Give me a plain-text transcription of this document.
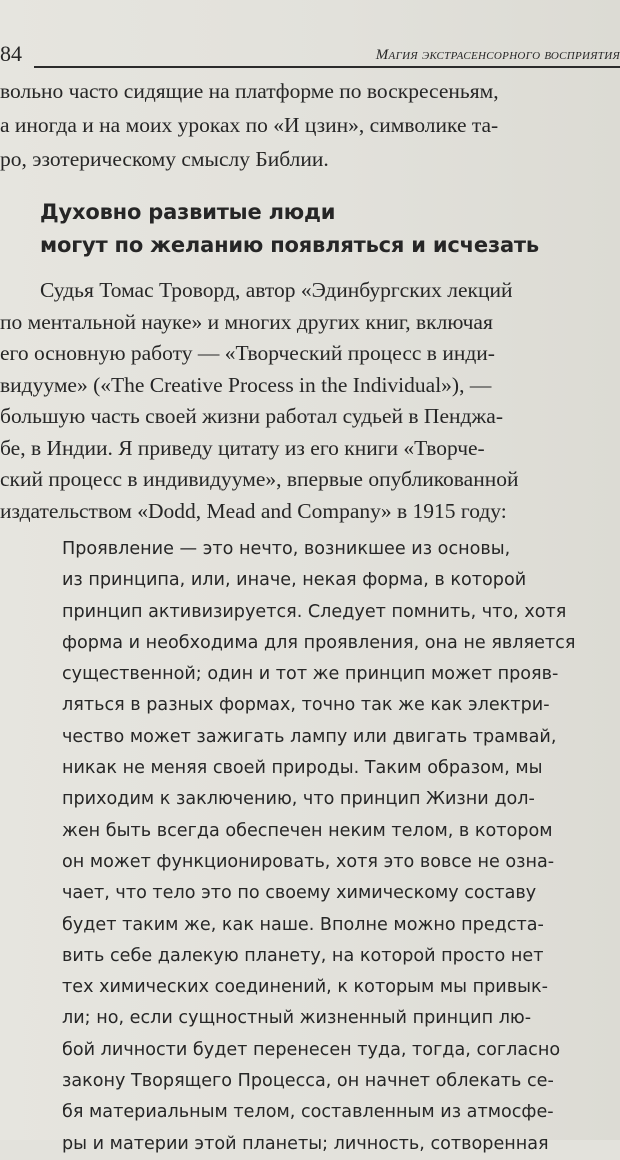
84	Магия экстрасенсорного восприятия

вольно часто сидящие на платформе по воскресеньям,
а иногда и на моих уроках по «И цзин», символике та-
ро, эзотерическому смыслу Библии.

Духовно развитые люди
могут по желанию появляться и исчезать

Судья Томас Троворд, автор «Эдинбургских лекций
по ментальной науке» и многих других книг, включая
его основную работу — «Творческий процесс в инди-
видууме» («The Creative Process in the Individual»), —
большую часть своей жизни работал судьей в Пенджа-
бе, в Индии. Я приведу цитату из его книги «Творче-
ский процесс в индивидууме», впервые опубликованной
издательством «Dodd, Mead and Company» в 1915 году:

Проявление — это нечто, возникшее из основы,
из принципа, или, иначе, некая форма, в которой
принцип активизируется. Следует помнить, что, хотя
форма и необходима для проявления, она не является
существенной; один и тот же принцип может прояв-
ляться в разных формах, точно так же как электри-
чество может зажигать лампу или двигать трамвай,
никак не меняя своей природы. Таким образом, мы
приходим к заключению, что принцип Жизни дол-
жен быть всегда обеспечен неким телом, в котором
он может функционировать, хотя это вовсе не озна-
чает, что тело это по своему химическому составу
будет таким же, как наше. Вполне можно предста-
вить себе далекую планету, на которой просто нет
тех химических соединений, к которым мы привык-
ли; но, если сущностный жизненный принцип лю-
бой личности будет перенесен туда, тогда, согласно
закону Творящего Процесса, он начнет облекать се-
бя материальным телом, составленным из атмосфе-
ры и материи этой планеты; личность, сотворенная
